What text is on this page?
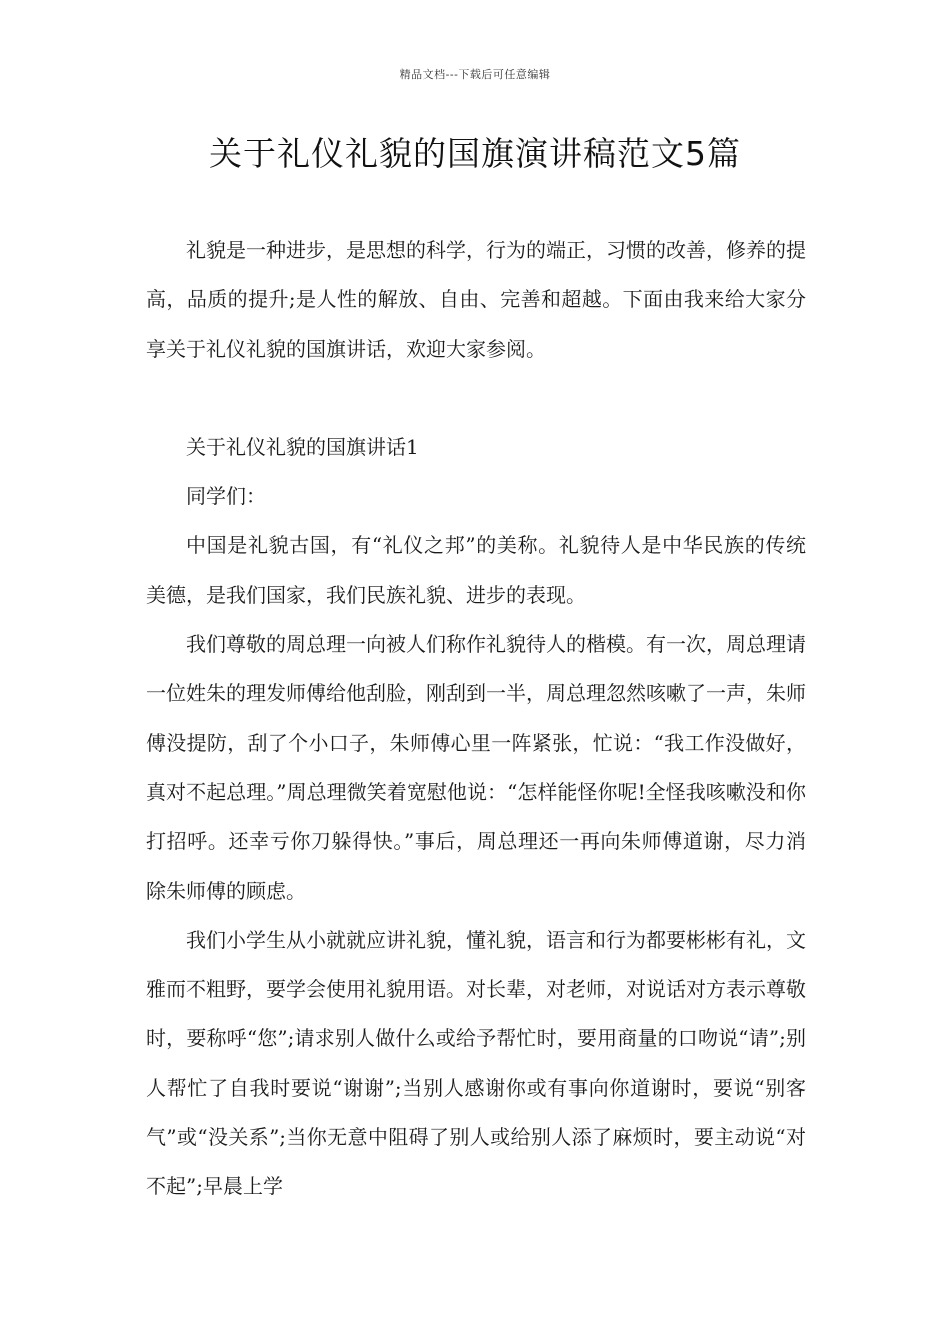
精品文档---下载后可任意编辑
关于礼仪礼貌的国旗演讲稿范文5篇

礼貌是一种进步，是思想的科学，行为的端正，习惯的改善，修养的提高，品质的提升;是人性的解放、自由、完善和超越。下面由我来给大家分享关于礼仪礼貌的国旗讲话，欢迎大家参阅。

关于礼仪礼貌的国旗讲话1

同学们：

中国是礼貌古国，有“礼仪之邦”的美称。礼貌待人是中华民族的传统美德，是我们国家，我们民族礼貌、进步的表现。

我们尊敬的周总理一向被人们称作礼貌待人的楷模。有一次，周总理请一位姓朱的理发师傅给他刮脸，刚刮到一半，周总理忽然咳嗽了一声，朱师傅没提防，刮了个小口子，朱师傅心里一阵紧张，忙说：“我工作没做好，真对不起总理。”周总理微笑着宽慰他说：“怎样能怪你呢!全怪我咳嗽没和你打招呼。还幸亏你刀躲得快。”事后，周总理还一再向朱师傅道谢，尽力消除朱师傅的顾虑。

我们小学生从小就就应讲礼貌，懂礼貌，语言和行为都要彬彬有礼，文雅而不粗野，要学会使用礼貌用语。对长辈，对老师，对说话对方表示尊敬时，要称呼“您”;请求别人做什么或给予帮忙时，要用商量的口吻说“请”;别人帮忙了自我时要说“谢谢”;当别人感谢你或有事向你道谢时，要说“别客气”或“没关系”;当你无意中阻碍了别人或给别人添了麻烦时，要主动说“对不起”;早晨上学
